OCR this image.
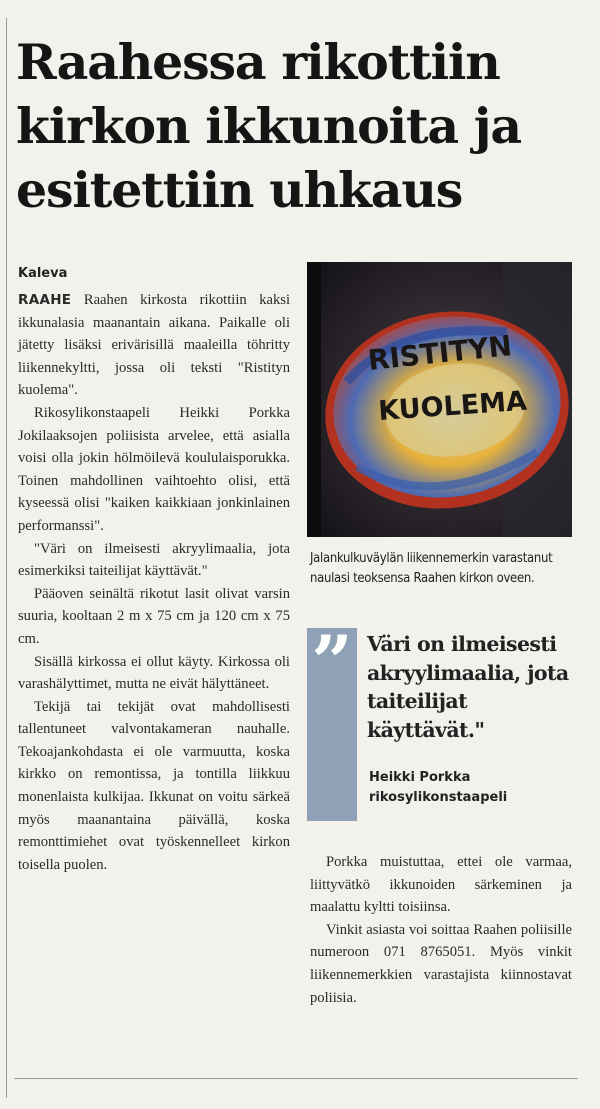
Raahessa rikottiin kirkon ikkunoita ja esitettiin uhkaus
Kaleva

RAAHE Raahen kirkosta rikottiin kaksi ikkunalasia maanantain aikana. Paikalle oli jätetty lisäksi erivärisillä maaleilla töhritty liikennekyltti, jossa oli teksti "Ristityn kuolema".

Rikosylikonstaapeli Heikki Porkka Jokilaaksojen poliisista arvelee, että asialla voisi olla jokin hölmöilevä koululaisporukka. Toinen mahdollinen vaihtoehto olisi, että kyseessä olisi "kaiken kaikkiaan jonkinlainen performanssi".

"Väri on ilmeisesti akryylimaalia, jota esimerkiksi taiteilijat käyttävät."

Pääoven seinältä rikotut lasit olivat varsin suuria, kooltaan 2 m x 75 cm ja 120 cm x 75 cm.

Sisällä kirkossa ei ollut käyty. Kirkossa oli varashälyttimet, mutta ne eivät hälyttäneet.

Tekijä tai tekijät ovat mahdollisesti tallentuneet valvontakameran nauhalle. Tekoajankohdasta ei ole varmuutta, koska kirkko on remontissa, ja tontilla liikkuu monenlaista kulkijaa. Ikkunat on voitu särkeä myös maanantaina päivällä, koska remonttimiehet ovat työskennelleet kirkon toisella puolen.

RISTITYN
KUOLEMA
Jalankulkuväylän liikennemerkin varastanut naulasi teoksensa Raahen kirkon oveen.
” Väri on ilmeisesti akryylimaalia, jota taiteilijat käyttävät."
Heikki Porkka
rikosylikonstaapeli

Porkka muistuttaa, ettei ole varmaa, liittyvätkö ikkunoiden särkeminen ja maalattu kyltti toisiinsa.

Vinkit asiasta voi soittaa Raahen poliisille numeroon 071 8765051. Myös vinkit liikennemerkkien varastajista kiinnostavat poliisia.
